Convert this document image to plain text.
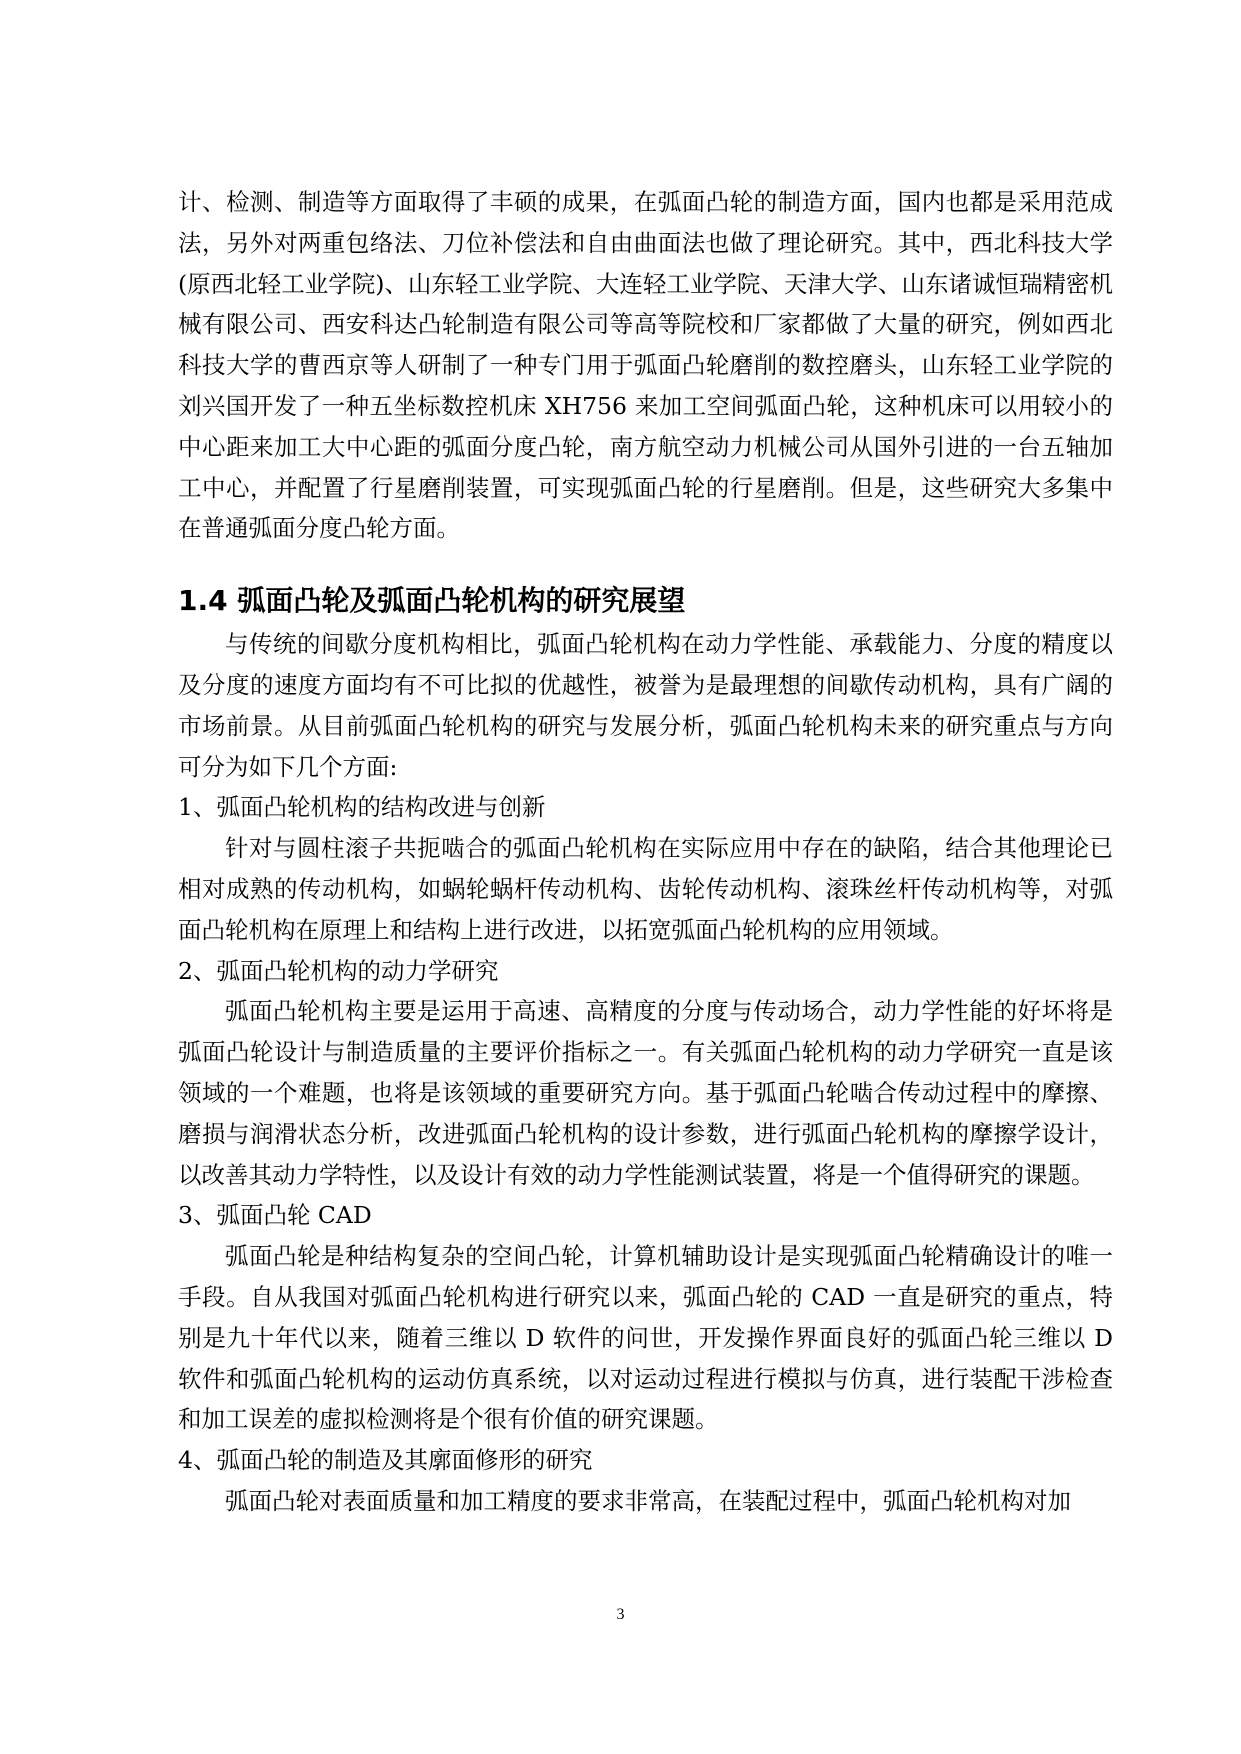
计、检测、制造等方面取得了丰硕的成果，在弧面凸轮的制造方面，国内也都是采用范成法，另外对两重包络法、刀位补偿法和自由曲面法也做了理论研究。其中，西北科技大学(原西北轻工业学院)、山东轻工业学院、大连轻工业学院、天津大学、山东诸诚恒瑞精密机械有限公司、西安科达凸轮制造有限公司等高等院校和厂家都做了大量的研究，例如西北科技大学的曹西京等人研制了一种专门用于弧面凸轮磨削的数控磨头，山东轻工业学院的刘兴国开发了一种五坐标数控机床 XH756 来加工空间弧面凸轮，这种机床可以用较小的中心距来加工大中心距的弧面分度凸轮，南方航空动力机械公司从国外引进的一台五轴加工中心，并配置了行星磨削装置，可实现弧面凸轮的行星磨削。但是，这些研究大多集中在普通弧面分度凸轮方面。

1.4 弧面凸轮及弧面凸轮机构的研究展望

与传统的间歇分度机构相比，弧面凸轮机构在动力学性能、承载能力、分度的精度以及分度的速度方面均有不可比拟的优越性，被誉为是最理想的间歇传动机构，具有广阔的市场前景。从目前弧面凸轮机构的研究与发展分析，弧面凸轮机构未来的研究重点与方向可分为如下几个方面:

1、弧面凸轮机构的结构改进与创新

针对与圆柱滚子共扼啮合的弧面凸轮机构在实际应用中存在的缺陷，结合其他理论已相对成熟的传动机构，如蜗轮蜗杆传动机构、齿轮传动机构、滚珠丝杆传动机构等，对弧面凸轮机构在原理上和结构上进行改进，以拓宽弧面凸轮机构的应用领域。

2、弧面凸轮机构的动力学研究

弧面凸轮机构主要是运用于高速、高精度的分度与传动场合，动力学性能的好坏将是弧面凸轮设计与制造质量的主要评价指标之一。有关弧面凸轮机构的动力学研究一直是该领域的一个难题，也将是该领域的重要研究方向。基于弧面凸轮啮合传动过程中的摩擦、磨损与润滑状态分析，改进弧面凸轮机构的设计参数，进行弧面凸轮机构的摩擦学设计，以改善其动力学特性，以及设计有效的动力学性能测试装置，将是一个值得研究的课题。

3、弧面凸轮 CAD

弧面凸轮是种结构复杂的空间凸轮，计算机辅助设计是实现弧面凸轮精确设计的唯一手段。自从我国对弧面凸轮机构进行研究以来，弧面凸轮的 CAD 一直是研究的重点，特别是九十年代以来，随着三维以 D 软件的问世，开发操作界面良好的弧面凸轮三维以 D 软件和弧面凸轮机构的运动仿真系统，以对运动过程进行模拟与仿真，进行装配干涉检查和加工误差的虚拟检测将是个很有价值的研究课题。

4、弧面凸轮的制造及其廓面修形的研究

弧面凸轮对表面质量和加工精度的要求非常高，在装配过程中，弧面凸轮机构对加

3
